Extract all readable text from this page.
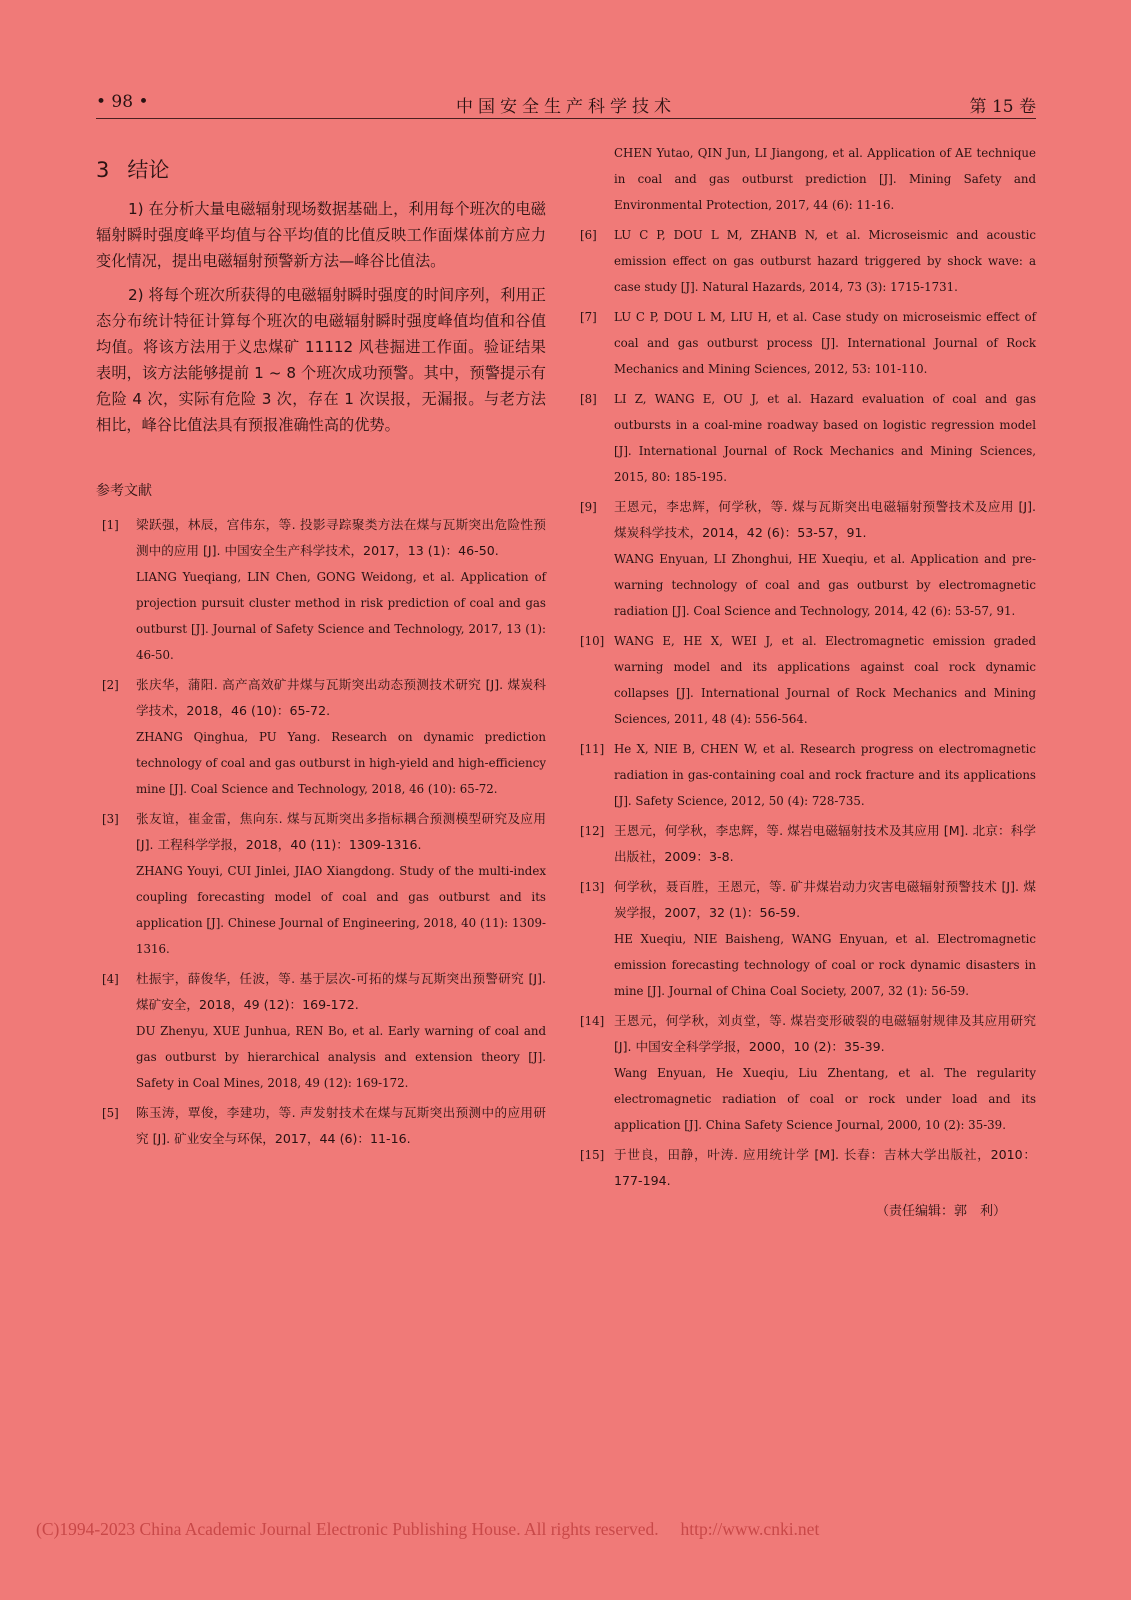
• 98 •	中国安全生产科学技术	第 15 卷
3 结论

1) 在分析大量电磁辐射现场数据基础上，利用每个班次的电磁辐射瞬时强度峰平均值与谷平均值的比值反映工作面煤体前方应力变化情况，提出电磁辐射预警新方法—峰谷比值法。

2) 将每个班次所获得的电磁辐射瞬时强度的时间序列，利用正态分布统计特征计算每个班次的电磁辐射瞬时强度峰值均值和谷值均值。将该方法用于义忠煤矿 11112 风巷掘进工作面。验证结果表明，该方法能够提前 1 ~ 8 个班次成功预警。其中，预警提示有危险 4 次，实际有危险 3 次，存在 1 次误报，无漏报。与老方法相比，峰谷比值法具有预报准确性高的优势。

参考文献
[1] 梁跃强，林辰，宫伟东，等. 投影寻踪聚类方法在煤与瓦斯突出危险性预测中的应用 [J]. 中国安全生产科学技术，2017，13 (1)：46-50.
LIANG Yueqiang, LIN Chen, GONG Weidong, et al. Application of projection pursuit cluster method in risk prediction of coal and gas outburst [J]. Journal of Safety Science and Technology, 2017, 13 (1): 46-50.
[2] 张庆华，蒲阳. 高产高效矿井煤与瓦斯突出动态预测技术研究 [J]. 煤炭科学技术，2018，46 (10)：65-72.
ZHANG Qinghua, PU Yang. Research on dynamic prediction technology of coal and gas outburst in high-yield and high-efficiency mine [J]. Coal Science and Technology, 2018, 46 (10): 65-72.
[3] 张友谊，崔金雷，焦向东. 煤与瓦斯突出多指标耦合预测模型研究及应用 [J]. 工程科学学报，2018，40 (11)：1309-1316.
ZHANG Youyi, CUI Jinlei, JIAO Xiangdong. Study of the multi-index coupling forecasting model of coal and gas outburst and its application [J]. Chinese Journal of Engineering, 2018, 40 (11): 1309-1316.
[4] 杜振宇，薛俊华，任波，等. 基于层次-可拓的煤与瓦斯突出预警研究 [J]. 煤矿安全，2018，49 (12)：169-172.
DU Zhenyu, XUE Junhua, REN Bo, et al. Early warning of coal and gas outburst by hierarchical analysis and extension theory [J]. Safety in Coal Mines, 2018, 49 (12): 169-172.
[5] 陈玉涛，覃俊，李建功，等. 声发射技术在煤与瓦斯突出预测中的应用研究 [J]. 矿业安全与环保，2017，44 (6)：11-16.
CHEN Yutao, QIN Jun, LI Jiangong, et al. Application of AE technique in coal and gas outburst prediction [J]. Mining Safety and Environmental Protection, 2017, 44 (6): 11-16.
[6] LU C P, DOU L M, ZHANB N, et al. Microseismic and acoustic emission effect on gas outburst hazard triggered by shock wave: a case study [J]. Natural Hazards, 2014, 73 (3): 1715-1731.
[7] LU C P, DOU L M, LIU H, et al. Case study on microseismic effect of coal and gas outburst process [J]. International Journal of Rock Mechanics and Mining Sciences, 2012, 53: 101-110.
[8] LI Z, WANG E, OU J, et al. Hazard evaluation of coal and gas outbursts in a coal-mine roadway based on logistic regression model [J]. International Journal of Rock Mechanics and Mining Sciences, 2015, 80: 185-195.
[9] 王恩元，李忠辉，何学秋，等. 煤与瓦斯突出电磁辐射预警技术及应用 [J]. 煤炭科学技术，2014，42 (6)：53-57，91.
WANG Enyuan, LI Zhonghui, HE Xueqiu, et al. Application and pre-warning technology of coal and gas outburst by electromagnetic radiation [J]. Coal Science and Technology, 2014, 42 (6): 53-57, 91.
[10] WANG E, HE X, WEI J, et al. Electromagnetic emission graded warning model and its applications against coal rock dynamic collapses [J]. International Journal of Rock Mechanics and Mining Sciences, 2011, 48 (4): 556-564.
[11] He X, NIE B, CHEN W, et al. Research progress on electromagnetic radiation in gas-containing coal and rock fracture and its applications [J]. Safety Science, 2012, 50 (4): 728-735.
[12] 王恩元，何学秋，李忠辉，等. 煤岩电磁辐射技术及其应用 [M]. 北京：科学出版社，2009：3-8.
[13] 何学秋，聂百胜，王恩元，等. 矿井煤岩动力灾害电磁辐射预警技术 [J]. 煤炭学报，2007，32 (1)：56-59.
HE Xueqiu, NIE Baisheng, WANG Enyuan, et al. Electromagnetic emission forecasting technology of coal or rock dynamic disasters in mine [J]. Journal of China Coal Society, 2007, 32 (1): 56-59.
[14] 王恩元，何学秋，刘贞堂，等. 煤岩变形破裂的电磁辐射规律及其应用研究 [J]. 中国安全科学学报，2000，10 (2)：35-39.
Wang Enyuan, He Xueqiu, Liu Zhentang, et al. The regularity electromagnetic radiation of coal or rock under load and its application [J]. China Safety Science Journal, 2000, 10 (2): 35-39.
[15] 于世良，田静，叶涛. 应用统计学 [M]. 长春：吉林大学出版社，2010：177-194.
（责任编辑：郭　利）
(C)1994-2023 China Academic Journal Electronic Publishing House. All rights reserved.　 http://www.cnki.net
